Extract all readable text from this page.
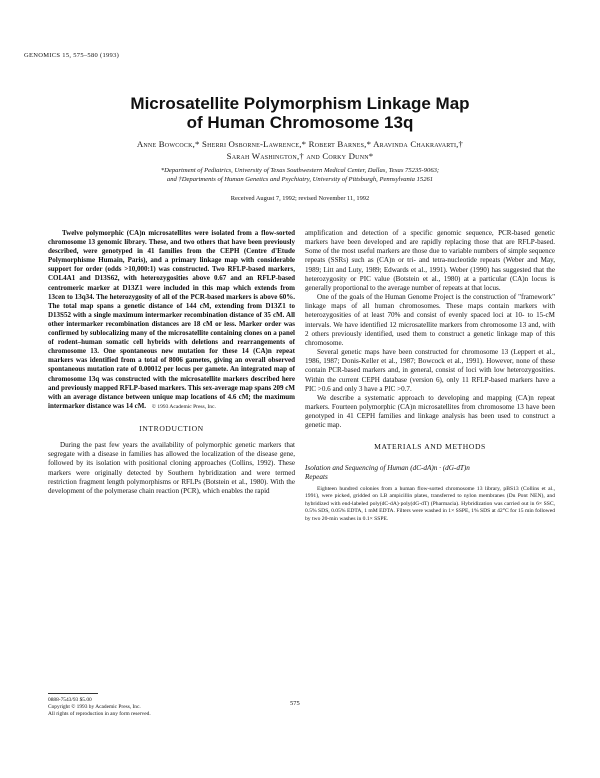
GENOMICS 15, 575–580 (1993)
Microsatellite Polymorphism Linkage Map
of Human Chromosome 13q
Anne Bowcock,* Sherri Osborne-Lawrence,* Robert Barnes,* Aravinda Chakravarti,†
Sarah Washington,† and Corky Dunn*
*Department of Pediatrics, University of Texas Southwestern Medical Center, Dallas, Texas 75235-9063;
and †Departments of Human Genetics and Psychiatry, University of Pittsburgh, Pennsylvania 15261
Received August 7, 1992; revised November 11, 1992

Twelve polymorphic (CA)n microsatellites were isolated from a flow-sorted chromosome 13 genomic library. These, and two others that have been previously described, were genotyped in 41 families from the CEPH (Centre d'Etude Polymorphisme Humain, Paris), and a primary linkage map with considerable support for order (odds >10,000:1) was constructed. Two RFLP-based markers, COL4A1 and D13S62, with heterozygosities above 0.67 and an RFLP-based centromeric marker at D13Z1 were included in this map which extends from 13cen to 13q34. The heterozygosity of all of the PCR-based markers is above 60%. The total map spans a genetic distance of 144 cM, extending from D13Z1 to D13S52 with a single maximum intermarker recombination distance of 35 cM. All other intermarker recombination distances are 18 cM or less. Marker order was confirmed by sublocalizing many of the microsatellite containing clones on a panel of rodent–human somatic cell hybrids with deletions and rearrangements of chromosome 13. One spontaneous new mutation for these 14 (CA)n repeat markers was identified from a total of 8006 gametes, giving an overall observed spontaneous mutation rate of 0.00012 per locus per gamete. An integrated map of chromosome 13q was constructed with the microsatellite markers described here and previously mapped RFLP-based markers. This sex-average map spans 209 cM with an average distance between unique map locations of 4.6 cM; the maximum intermarker distance was 14 cM. © 1993 Academic Press, Inc.

INTRODUCTION

During the past few years the availability of polymorphic genetic markers that segregate with a disease in families has allowed the localization of the disease gene, followed by its isolation with positional cloning approaches (Collins, 1992). These markers were originally detected by Southern hybridization and were termed restriction fragment length polymorphisms or RFLPs (Botstein et al., 1980). With the development of the polymerase chain reaction (PCR), which enables the rapid

amplification and detection of a specific genomic sequence, PCR-based genetic markers have been developed and are rapidly replacing those that are RFLP-based. Some of the most useful markers are those due to variable numbers of simple sequence repeats (SSRs) such as (CA)n or tri- and tetra-nucleotide repeats (Weber and May, 1989; Litt and Luty, 1989; Edwards et al., 1991). Weber (1990) has suggested that the heterozygosity or PIC value (Botstein et al., 1980) at a particular (CA)n locus is generally proportional to the average number of repeats at that locus.

One of the goals of the Human Genome Project is the construction of "framework" linkage maps of all human chromosomes. These maps contain markers with heterozygosities of at least 70% and consist of evenly spaced loci at 10- to 15-cM intervals. We have identified 12 microsatellite markers from chromosome 13 and, with 2 others previously identified, used them to construct a genetic linkage map of this chromosome.

Several genetic maps have been constructed for chromosome 13 (Leppert et al., 1986, 1987; Donis-Keller et al., 1987; Bowcock et al., 1991). However, none of these contain PCR-based markers and, in general, consist of loci with low heterozygosities. Within the current CEPH database (version 6), only 11 RFLP-based markers have a PIC >0.6 and only 3 have a PIC >0.7.

We describe a systematic approach to developing and mapping (CA)n repeat markers. Fourteen polymorphic (CA)n microsatellites from chromosome 13 have been genotyped in 41 CEPH families and linkage analysis has been used to construct a genetic map.

MATERIALS AND METHODS
Isolation and Sequencing of Human (dC-dA)n · (dG-dT)n
Repeats

Eighteen hundred colonies from a human flow-sorted chromosome 13 library, pBS13 (Collins et al., 1991), were picked, gridded on LB ampicillin plates, transferred to nylon membranes (Du Pont NEN), and hybridized with end-labeled poly(dC-dA)·poly(dG-dT) (Pharmacia). Hybridization was carried out in 6× SSC, 0.5% SDS, 0.05% EDTA, 1 mM EDTA. Filters were washed in 1× SSPE, 1% SDS at 42°C for 15 min followed by two 20-min washes in 0.1× SSPE.

0888-7543/93 $5.00
Copyright © 1993 by Academic Press, Inc.
All rights of reproduction in any form reserved.
575
